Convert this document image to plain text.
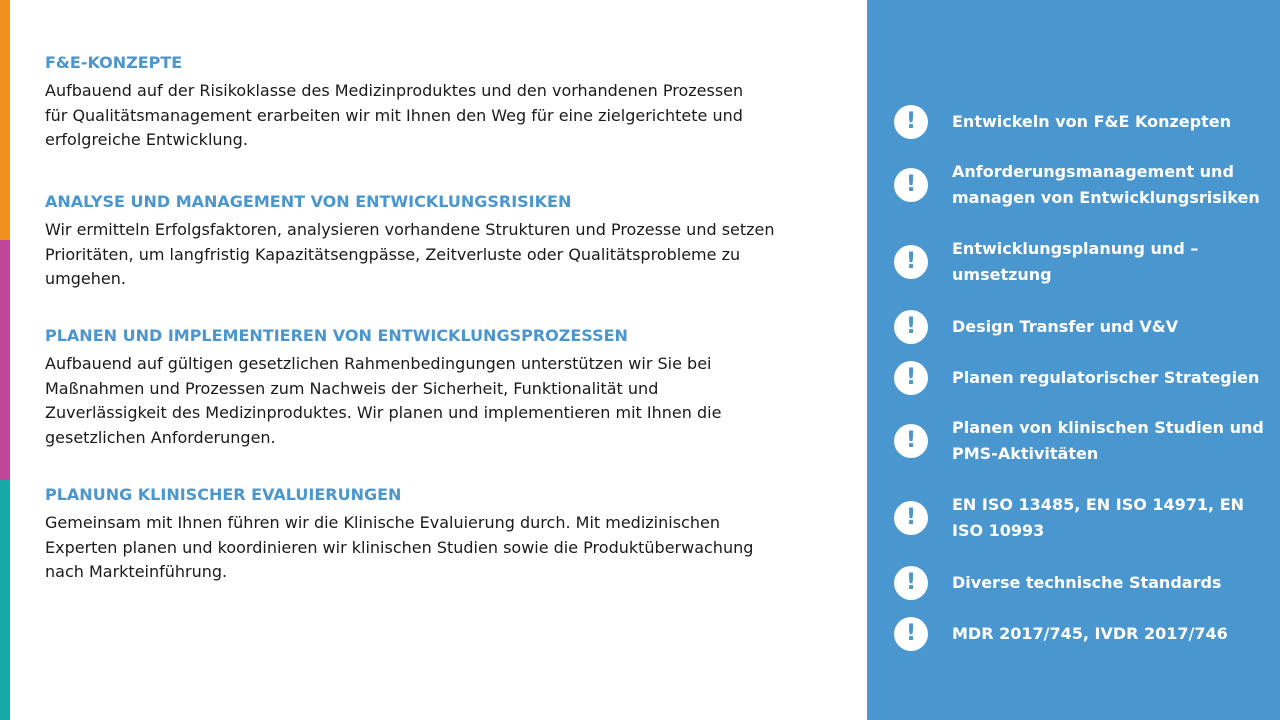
F&E-KONZEPTE

Aufbauend auf der Risikoklasse des Medizinproduktes und den vorhandenen Prozessen
für Qualitätsmanagement erarbeiten wir mit Ihnen den Weg für eine zielgerichtete und
erfolgreiche Entwicklung.

ANALYSE UND MANAGEMENT VON ENTWICKLUNGSRISIKEN

Wir ermitteln Erfolgsfaktoren, analysieren vorhandene Strukturen und Prozesse und setzen
Prioritäten, um langfristig Kapazitätsengpässe, Zeitverluste oder Qualitätsprobleme zu
umgehen.

PLANEN UND IMPLEMENTIEREN VON ENTWICKLUNGSPROZESSEN

Aufbauend auf gültigen gesetzlichen Rahmenbedingungen unterstützen wir Sie bei
Maßnahmen und Prozessen zum Nachweis der Sicherheit, Funktionalität und
Zuverlässigkeit des Medizinproduktes. Wir planen und implementieren mit Ihnen die
gesetzlichen Anforderungen.

PLANUNG KLINISCHER EVALUIERUNGEN

Gemeinsam mit Ihnen führen wir die Klinische Evaluierung durch. Mit medizinischen
Experten planen und koordinieren wir klinischen Studien sowie die Produktüberwachung
nach Markteinführung.

!	Entwickeln von F&E Konzepten
!
Anforderungsmanagement und
managen von Entwicklungsrisiken
!
Entwicklungsplanung und –
umsetzung
!	Design Transfer und V&V
!	Planen regulatorischer Strategien
!
Planen von klinischen Studien und
PMS-Aktivitäten
!
EN ISO 13485, EN ISO 14971, EN
ISO 10993
!	Diverse technische Standards
!	MDR 2017/745, IVDR 2017/746
